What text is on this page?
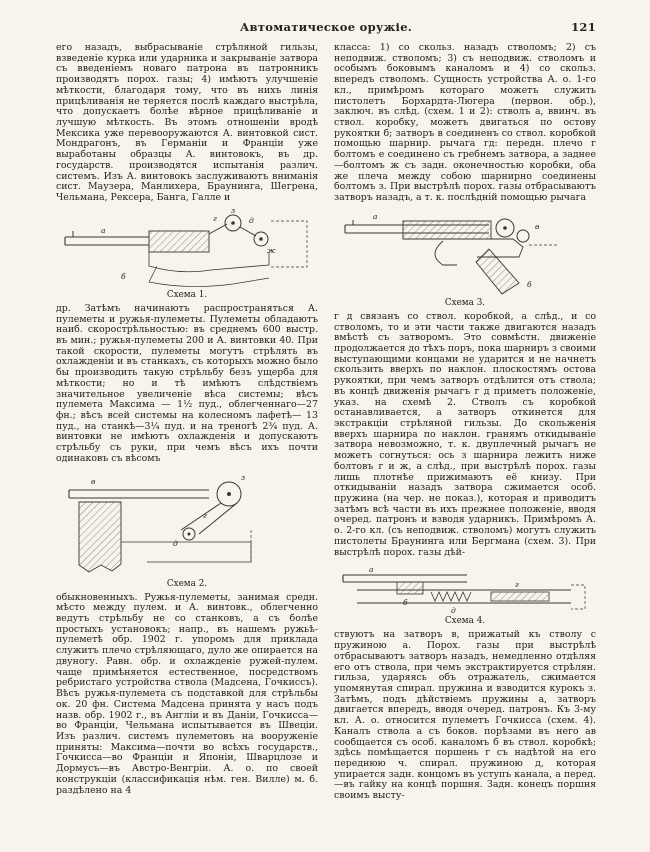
Автоматическое оружіе.	121

его назадъ, выбрасываніе стрѣляной гильзы, взведеніе курка или ударника и закрываніе затвора съ введеніемъ новаго патрона въ патронникъ производятъ порох. газы; 4) имѣютъ улучшеніе мѣткости, благодаря тому, что въ нихъ линія прицѣливанія не теряется послѣ каждаго выстрѣла, что допускаетъ болѣе вѣрное прицѣливаніе и лучшую мѣткость. Въ этомъ отношеніи вродѣ Мексика уже перевооружаются А. винтовкой сист. Мондрагонъ, въ Германіи и Франціи уже выработаны образцы А. винтовокъ, въ др. государств. производятся испытанія различ. системъ. Изъ А. винтовокъ заслуживаютъ вниманія сист. Маузера, Манлихера, Браунинга, Шегрена, Чельмана, Рексера, Банга, Галле и

а
г
з
д
ж
б
Схема 1.

др. Затѣмъ начинаютъ распространяться А. пулеметы и ружья-пулеметы. Пулеметы обладаютъ наиб. скорострѣльностью: въ среднемъ 600 выстр. въ мин.; ружья-пулеметы 200 и А. винтовки 40. При такой скорости, пулеметы могутъ стрѣлять въ охлажденіи и въ станкахъ, съ которыхъ можно было бы производить такую стрѣльбу безъ ущерба для мѣткости; но и тѣ имѣютъ слѣдствіемъ значительное увеличеніе вѣса системы; вѣсъ пулемета Максима — 1½ пуд., облегченнаго—27 фн.; вѣсъ всей системы на колесномъ лафетѣ— 13 пуд., на станкѣ—3¼ пуд. и на треногѣ 2¾ пуд. А. винтовки не имѣютъ охлажденія и допускаютъ стрѣльбу съ руки, при чемъ вѣсъ ихъ почти одинаковъ съ вѣсомъ

з
г
д
в
Схема 2.

обыкновенныхъ. Ружья-пулеметы, занимая средн. мѣсто между пулем. и А. винтовк., облегченно ведутъ стрѣльбу не со станковъ, а съ болѣе простыхъ установокъ; напр., въ нашемъ ружьѣ-пулеметѣ обр. 1902 г. упоромъ для приклада служитъ плечо стрѣляющаго, дуло же опирается на двуногу. Равн. обр. и охлажденіе ружей-пулем. чаще примѣняется естественное, посредствомъ ребристаго устройства ствола (Мадсена, Гочкиссъ). Вѣсъ ружья-пулемета съ подставкой для стрѣльбы ок. 20 фн. Система Мадсена принята у насъ подъ назв. обр. 1902 г., въ Англіи и въ Даніи, Гочкисса—во Франціи, Чельмана испытывается въ Швеціи. Изъ различ. системъ пулеметовъ на вооруженіе приняты: Максима—почти во всѣхъ государств., Гочкисса—во Франціи и Японіи, Шварцлозе и Дормусъ—въ Австро-Венгріи. А. о. по своей конструкціи (классификація нѣм. ген. Вилле) м. б. раздѣлено на 4

класса: 1) со скольз. назадъ стволомъ; 2) съ неподвиж. стволомъ; 3) съ неподвиж. стволомъ и особымъ боковымъ каналомъ и 4) со скольз. впередъ стволомъ. Сущность устройства А. о. 1-го кл., примѣромъ котораго можетъ служить пистолетъ Борхардта-Люгера (первон. обр.), заключ. въ слѣд. (схем. 1 и 2): стволъ а, ввинч. въ ствол. коробку, можетъ двигаться по остову рукоятки б; затворъ в соединенъ со ствол. коробкой помощью шарнир. рычага гд: передн. плечо г болтомъ е соединено съ гребнемъ затвора, а заднее—болтомъ ж съ задн. оконечностью коробки, оба же плеча между собою шарнирно соединены болтомъ з. При выстрѣлѣ порох. газы отбрасываютъ затворъ назадъ, а т. к. послѣдній помощью рычага

а
в
б
Схема 3.

г д связанъ со ствол. коробкой, а слѣд., и со стволомъ, то и эти части также двигаются назадъ вмѣстѣ съ затворомъ. Это совмѣстн. движеніе продолжается до тѣхъ поръ, пока шарниръ з своими выступающими концами не ударится и не начнетъ скользить вверхъ по наклон. плоскостямъ остова рукоятки, при чемъ затворъ отдѣлится отъ ствола; въ концѣ движенія рычагъ г д приметъ положеніе, указ. на схемѣ 2. Стволъ съ коробкой останавливается, а затворъ откинется для экстракціи стрѣляной гильзы. До скольженія вверхъ шарнира по наклон. гранямъ откидываніе затвора невозможно, т. к. двуплечный рычагъ не можетъ согнуться: ось з шарнира лежитъ ниже болтовъ г и ж, а слѣд., при выстрѣлѣ порох. газы лишь плотнѣе прижимаютъ её книзу. При откидываніи назадъ затвора сжимается особ. пружина (на чер. не показ.), которая и приводитъ затѣмъ всѣ части въ ихъ прежнее положеніе, вводя очеред. патронъ и взводя ударникъ. Примѣромъ А. о. 2-го кл. (съ неподвиж. стволомъ) могутъ служить пистолеты Браунинга или Бергмана (схем. 3). При выстрѣлѣ порох. газы дѣй-

а
б
г
д
Схема 4.

ствуютъ на затворъ в, прижатый къ стволу с пружиною а. Порох. газы при выстрѣлѣ отбрасываютъ затворъ назадъ, немедленно отдѣляя его отъ ствола, при чемъ экстрактируется стрѣлян. гильза, ударяясь объ отражатель, сжимается упомянутая спирал. пружина и взводится курокъ з. Затѣмъ, подъ дѣйствіемъ пружины а, затворъ двигается впередъ, вводя очеред. патронъ. Къ 3-му кл. А. о. относится пулеметъ Гочкисса (схем. 4). Каналъ ствола а съ боков. порѣзами въ него ав сообщается съ особ. каналомъ б въ ствол. коробкѣ; здѣсь помѣщается поршень г съ надѣтой на его переднюю ч. спирал. пружиною д, которая упирается задн. концомъ въ уступъ канала, а перед.—въ гайку на концѣ поршня. Задн. конецъ поршня своимъ высту-
